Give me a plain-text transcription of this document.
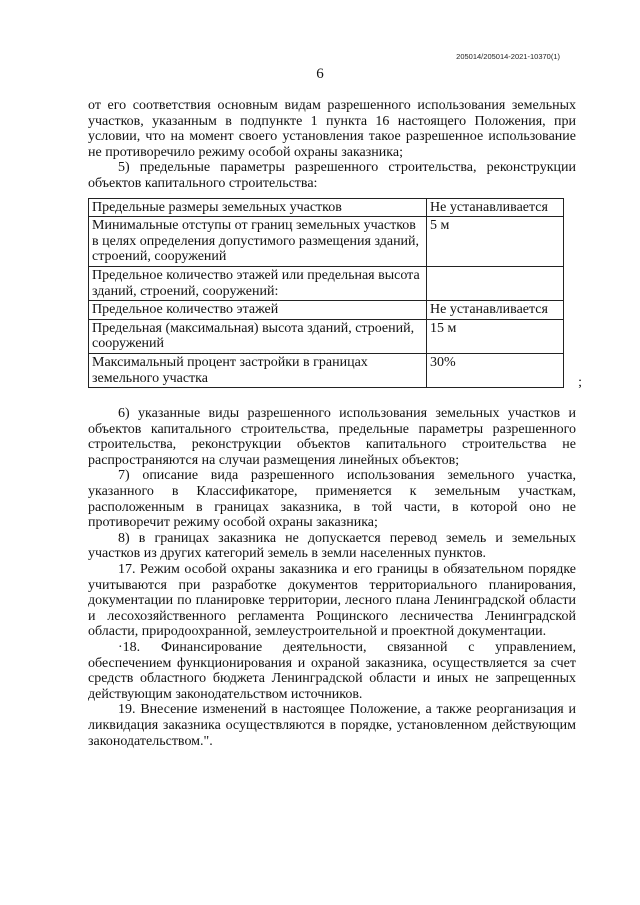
205014/205014-2021-10370(1)
6

от его соответствия основным видам разрешенного использования земельных участков, указанным в подпункте 1 пункта 16 настоящего Положения, при условии, что на момент своего установления такое разрешенное использование не противоречило режиму особой охраны заказника;

5) предельные параметры разрешенного строительства, реконструкции объектов капитального строительства:

Предельные размеры земельных участков	Не устанавливается
Минимальные отступы от границ земельных участков в целях определения допустимого размещения зданий, строений, сооружений	5 м
Предельное количество этажей или предельная высота зданий, строений, сооружений:	
Предельное количество этажей	Не устанавливается
Предельная (максимальная) высота зданий, строений, сооружений	15 м
Максимальный процент застройки в границах земельного участка	30%
;

6) указанные виды разрешенного использования земельных участков и объектов капитального строительства, предельные параметры разрешенного строительства, реконструкции объектов капитального строительства не распространяются на случаи размещения линейных объектов;

7) описание вида разрешенного использования земельного участка, указанного в Классификаторе, применяется к земельным участкам, расположенным в границах заказника, в той части, в которой оно не противоречит режиму особой охраны заказника;

8) в границах заказника не допускается перевод земель и земельных участков из других категорий земель в земли населенных пунктов.

17. Режим особой охраны заказника и его границы в обязательном порядке учитываются при разработке документов территориального планирования, документации по планировке территории, лесного плана Ленинградской области и лесохозяйственного регламента Рощинского лесничества Ленинградской области, природоохранной, землеустроительной и проектной документации.

·18. Финансирование деятельности, связанной с управлением, обеспечением функционирования и охраной заказника, осуществляется за счет средств областного бюджета Ленинградской области и иных не запрещенных действующим законодательством источников.

19. Внесение изменений в настоящее Положение, а также реорганизация и ликвидация заказника осуществляются в порядке, установленном действующим законодательством.".
